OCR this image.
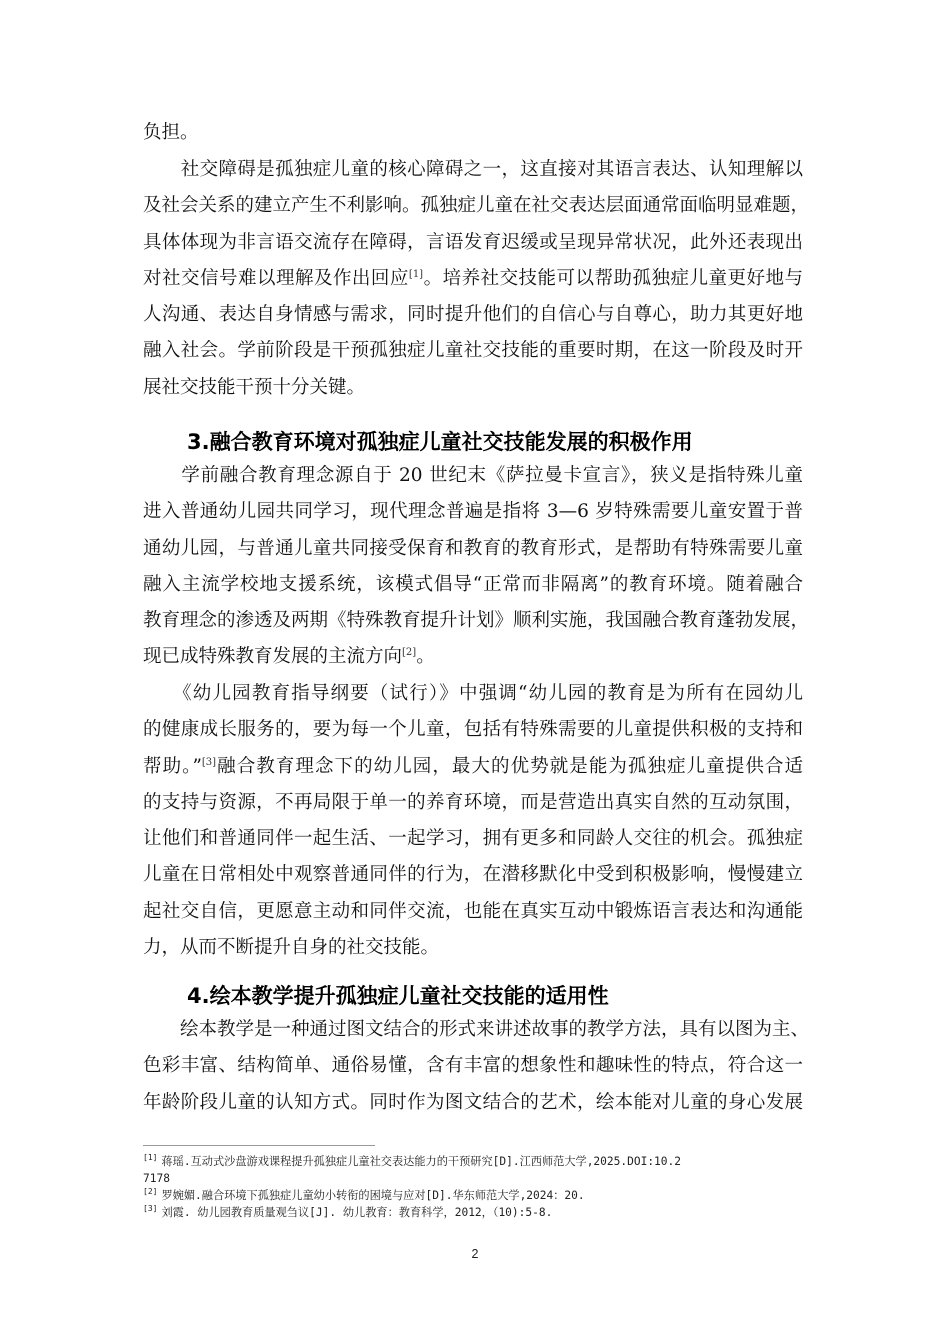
负担。
　　社交障碍是孤独症儿童的核心障碍之一，这直接对其语言表达、认知理解以
及社会关系的建立产生不利影响。孤独症儿童在社交表达层面通常面临明显难题，
具体体现为非言语交流存在障碍，言语发育迟缓或呈现异常状况，此外还表现出
对社交信号难以理解及作出回应[1]。培养社交技能可以帮助孤独症儿童更好地与
人沟通、表达自身情感与需求，同时提升他们的自信心与自尊心，助力其更好地
融入社会。学前阶段是干预孤独症儿童社交技能的重要时期，在这一阶段及时开
展社交技能干预十分关键。
3.融合教育环境对孤独症儿童社交技能发展的积极作用
　　学前融合教育理念源自于 20 世纪末《萨拉曼卡宣言》，狭义是指特殊儿童
进入普通幼儿园共同学习，现代理念普遍是指将 3—6 岁特殊需要儿童安置于普
通幼儿园，与普通儿童共同接受保育和教育的教育形式，是帮助有特殊需要儿童
融入主流学校地支援系统，该模式倡导“正常而非隔离”的教育环境。随着融合
教育理念的渗透及两期《特殊教育提升计划》顺利实施，我国融合教育蓬勃发展，
现已成特殊教育发展的主流方向[2]。
　　《幼儿园教育指导纲要（试行）》中强调“幼儿园的教育是为所有在园幼儿
的健康成长服务的，要为每一个儿童，包括有特殊需要的儿童提供积极的支持和
帮助。”[3]融合教育理念下的幼儿园，最大的优势就是能为孤独症儿童提供合适
的支持与资源，不再局限于单一的养育环境，而是营造出真实自然的互动氛围，
让他们和普通同伴一起生活、一起学习，拥有更多和同龄人交往的机会。孤独症
儿童在日常相处中观察普通同伴的行为，在潜移默化中受到积极影响，慢慢建立
起社交自信，更愿意主动和同伴交流，也能在真实互动中锻炼语言表达和沟通能
力，从而不断提升自身的社交技能。
4.绘本教学提升孤独症儿童社交技能的适用性
　　绘本教学是一种通过图文结合的形式来讲述故事的教学方法，具有以图为主、
色彩丰富、结构简单、通俗易懂，含有丰富的想象性和趣味性的特点，符合这一
年龄阶段儿童的认知方式。同时作为图文结合的艺术，绘本能对儿童的身心发展
[1] 蒋瑶.互动式沙盘游戏课程提升孤独症儿童社交表达能力的干预研究[D].江西师范大学,2025.DOI:10.2
7178
[2] 罗婉媚.融合环境下孤独症儿童幼小转衔的困境与应对[D].华东师范大学,2024：20.
[3] 刘霞. 幼儿园教育质量观刍议[J]. 幼儿教育：教育科学，2012，（10):5-8.
2
